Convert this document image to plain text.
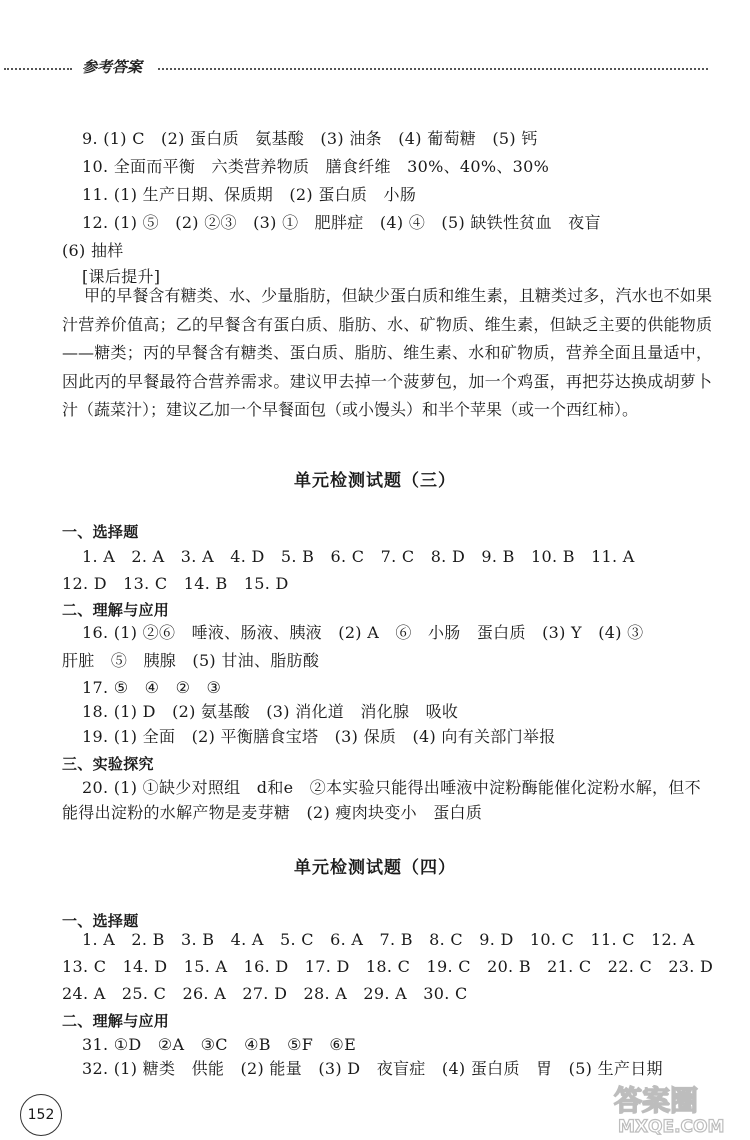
参考答案
9. (1) C　(2) 蛋白质　氨基酸　(3) 油条　(4) 葡萄糖　(5) 钙
10. 全面而平衡　六类营养物质　膳食纤维　30%、40%、30%
11. (1) 生产日期、保质期　(2) 蛋白质　小肠
12. (1) ⑤　(2) ②③　(3) ①　肥胖症　(4) ④　(5) 缺铁性贫血　夜盲
(6) 抽样
[课后提升]
甲的早餐含有糖类、水、少量脂肪，但缺少蛋白质和维生素，且糖类过多，汽水也不如果汁营养价值高；乙的早餐含有蛋白质、脂肪、水、矿物质、维生素，但缺乏主要的供能物质——糖类；丙的早餐含有糖类、蛋白质、脂肪、维生素、水和矿物质，营养全面且量适中，因此丙的早餐最符合营养需求。建议甲去掉一个菠萝包，加一个鸡蛋，再把芬达换成胡萝卜汁（蔬菜汁）；建议乙加一个早餐面包（或小馒头）和半个苹果（或一个西红柿）。
单元检测试题（三）
一、选择题
1. A　2. A　3. A　4. D　5. B　6. C　7. C　8. D　9. B　10. B　11. A
12. D　13. C　14. B　15. D
二、理解与应用
16. (1) ②⑥　唾液、肠液、胰液　(2) A　⑥　小肠　蛋白质　(3) Y　(4) ③
肝脏　⑤　胰腺　(5) 甘油、脂肪酸
17. ⑤　④　②　③
18. (1) D　(2) 氨基酸　(3) 消化道　消化腺　吸收
19. (1) 全面　(2) 平衡膳食宝塔　(3) 保质　(4) 向有关部门举报
三、实验探究
20. (1) ①缺少对照组　d和e　②本实验只能得出唾液中淀粉酶能催化淀粉水解，但不
能得出淀粉的水解产物是麦芽糖　(2) 瘦肉块变小　蛋白质
单元检测试题（四）
一、选择题
1. A　2. B　3. B　4. A　5. C　6. A　7. B　8. C　9. D　10. C　11. C　12. A
13. C　14. D　15. A　16. D　17. D　18. C　19. C　20. B　21. C　22. C　23. D
24. A　25. C　26. A　27. D　28. A　29. A　30. C
二、理解与应用
31. ①D　②A　③C　④B　⑤F　⑥E
32. (1) 糖类　供能　(2) 能量　(3) D　夜盲症　(4) 蛋白质　胃　(5) 生产日期
152	答案圈
MXQE.COM
